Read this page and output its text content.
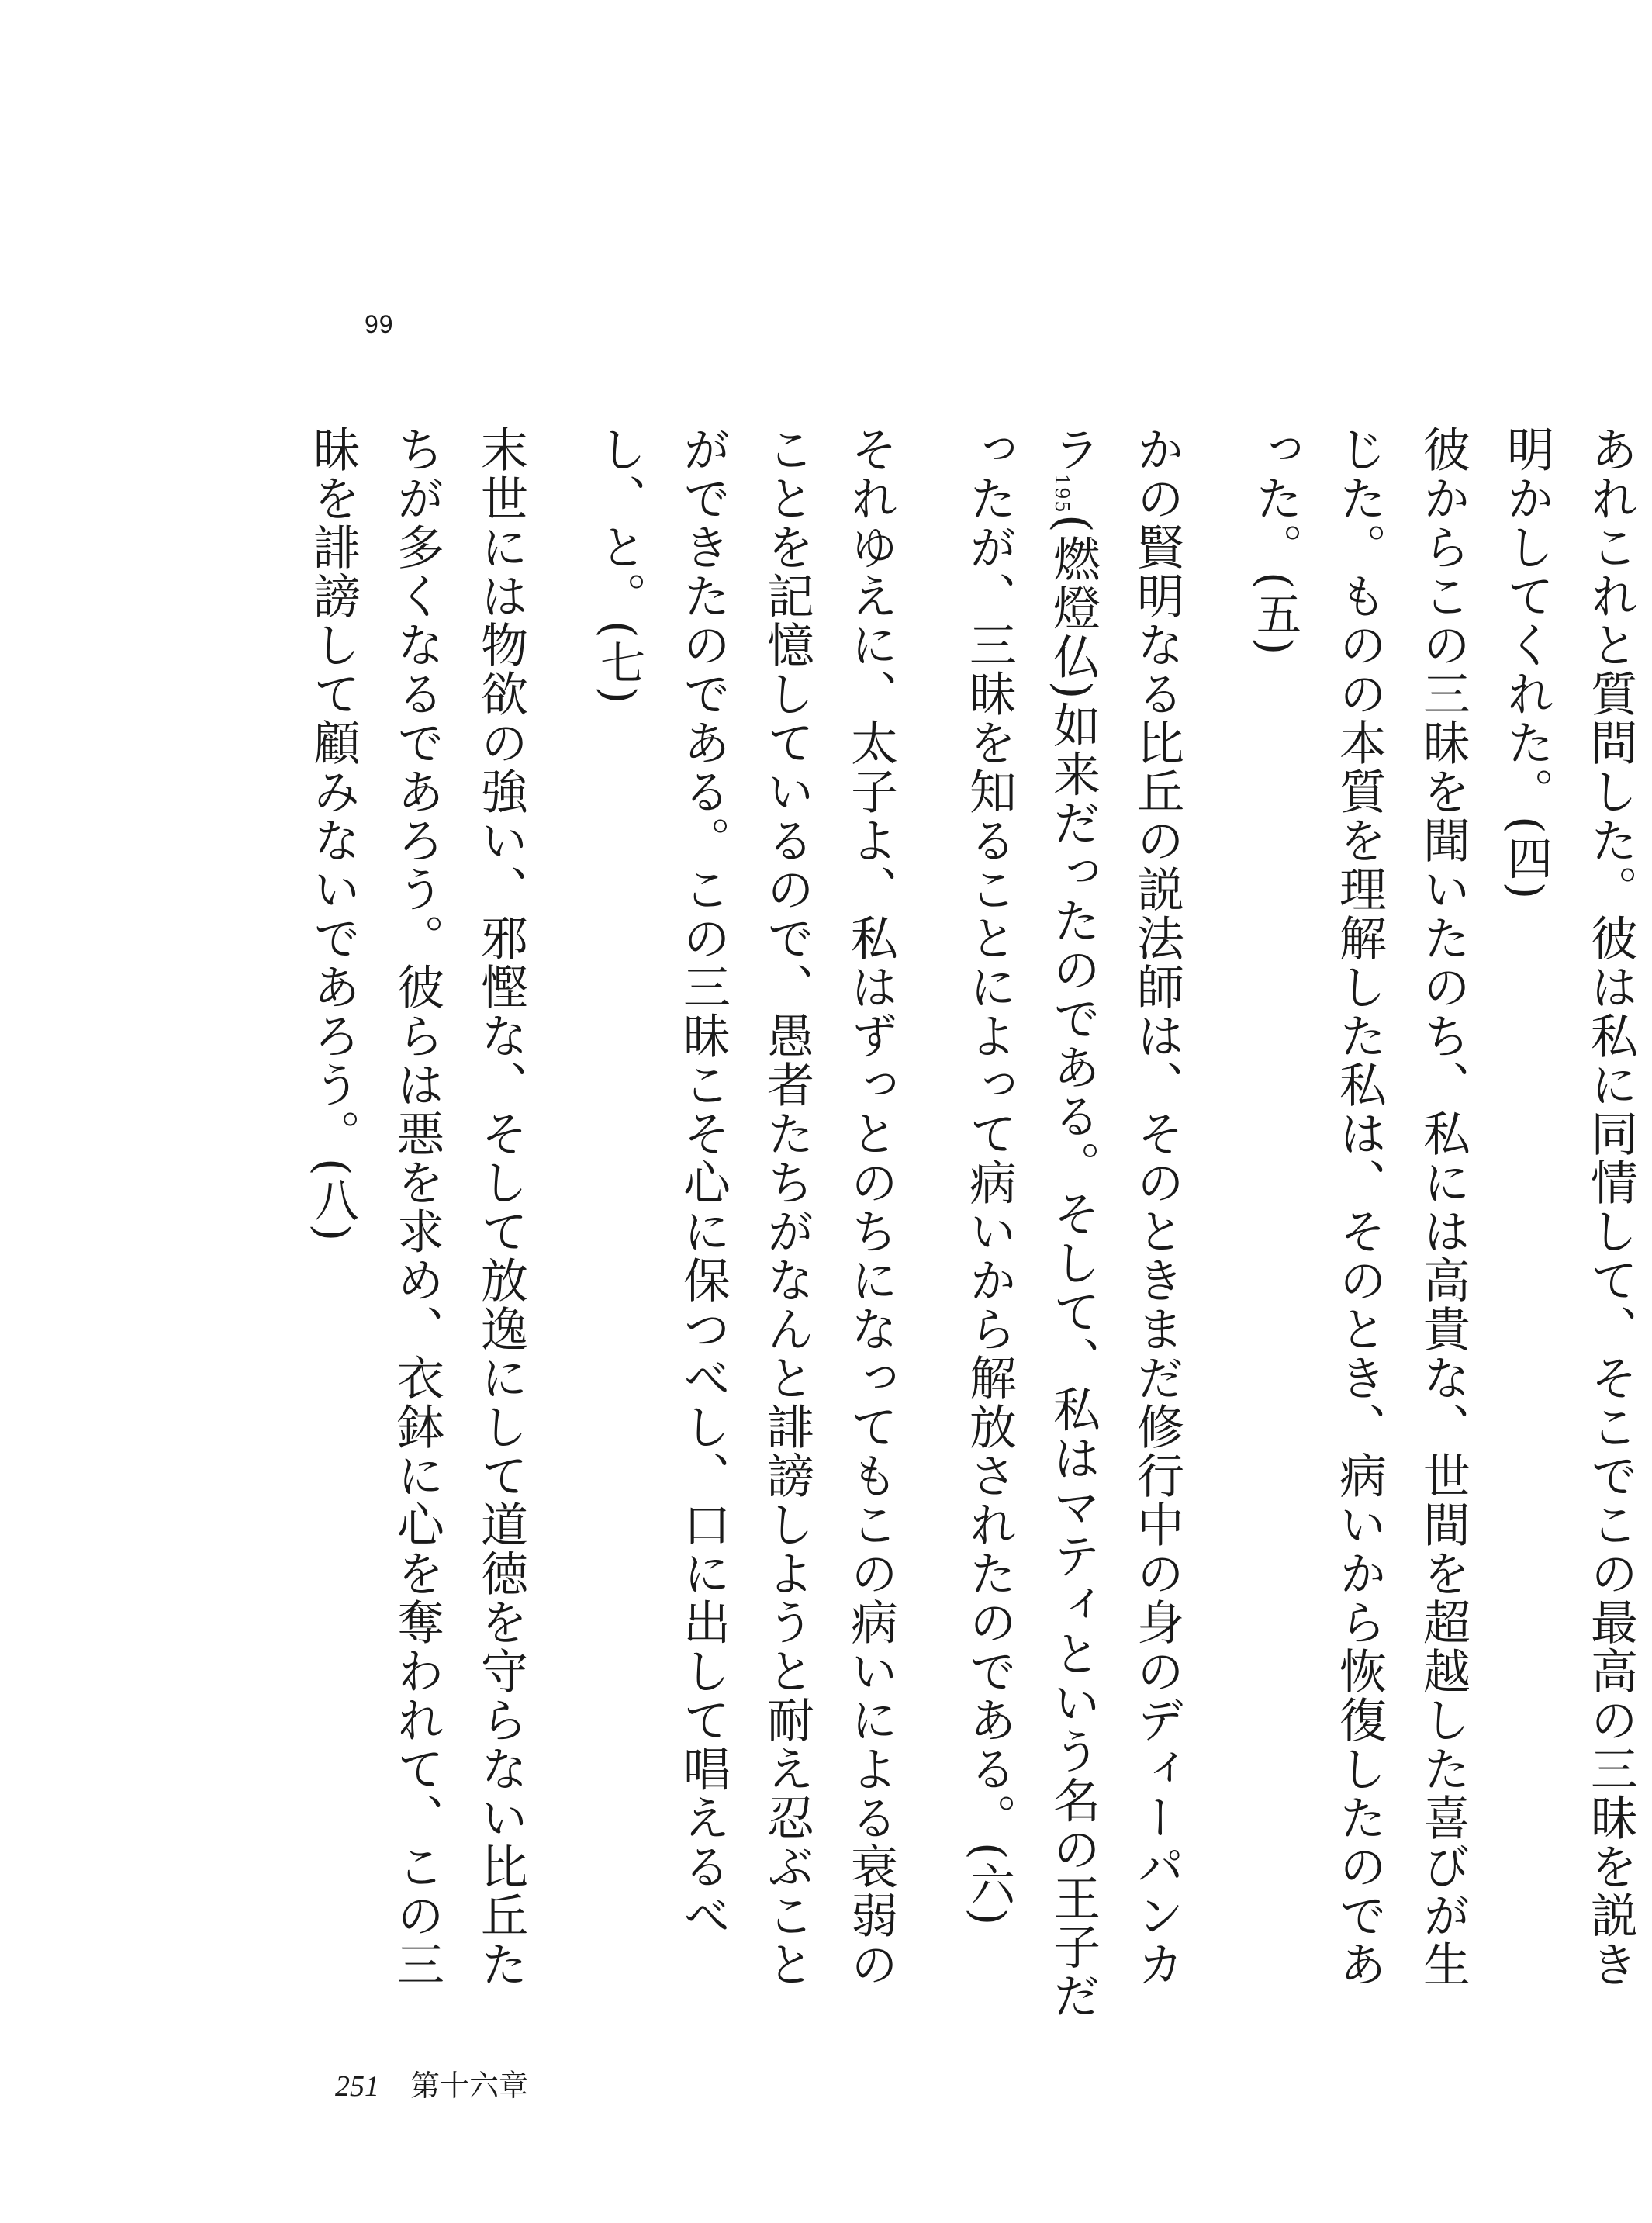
99

あれこれと質問した。彼は私に同情して、そこでこの最高の三昧を説き明かしてくれた。(四)

彼からこの三昧を聞いたのち、私には高貴な、世間を超越した喜びが生じた。ものの本質を理解した私は、そのとき、病いから恢復したのであった。(五)

かの賢明なる比丘の説法師は、そのときまだ修行中の身のディーパンカラ195(燃燈仏)如来だったのである。そして、私はマティという名の王子だったが、三昧を知ることによって病いから解放されたのである。(六)

それゆえに、太子よ、私はずっとのちになってもこの病いによる衰弱のことを記憶しているので、愚者たちがなんと誹謗しようと耐え忍ぶことができたのである。この三昧こそ心に保つべし、口に出して唱えるべし、と。(七)

末世には物欲の強い、邪慳な、そして放逸にして道徳を守らない比丘たちが多くなるであろう。彼らは悪を求め、衣鉢に心を奪われて、この三昧を誹謗して顧みないであろう。(八)

251 第十六章
